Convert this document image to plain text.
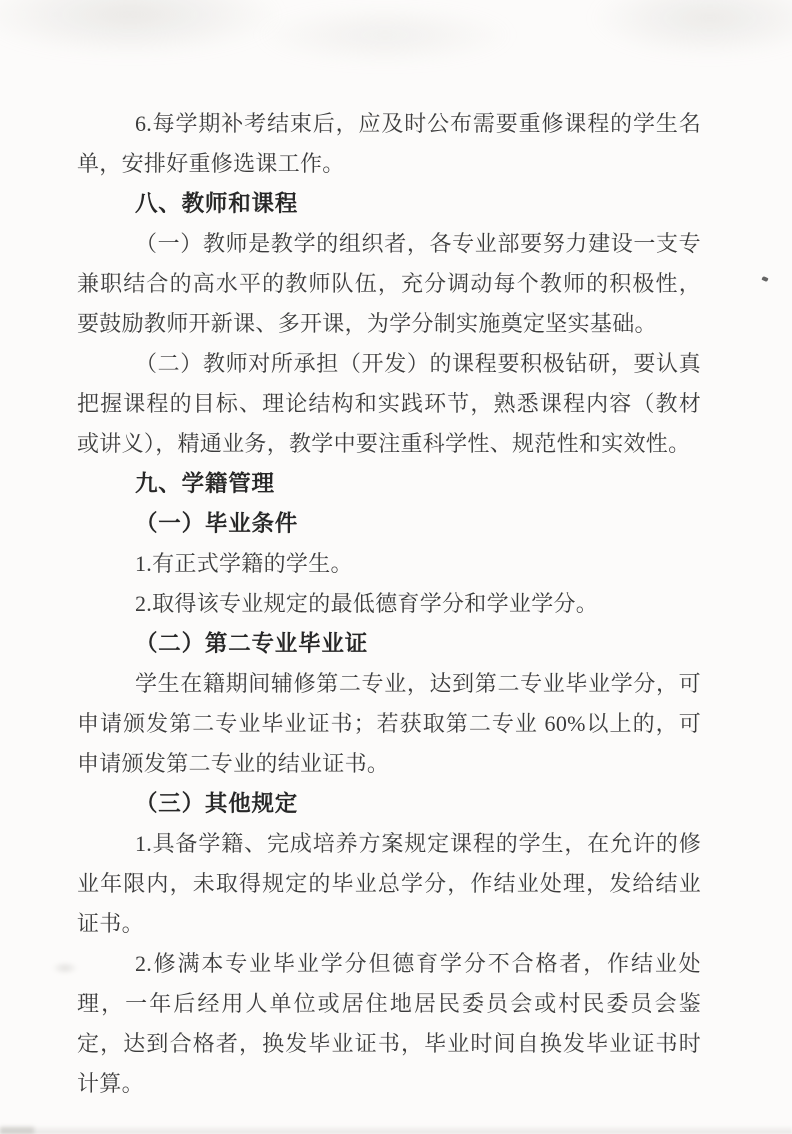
6.每学期补考结束后，应及时公布需要重修课程的学生名单，安排好重修选课工作。

八、教师和课程

（一）教师是教学的组织者，各专业部要努力建设一支专兼职结合的高水平的教师队伍，充分调动每个教师的积极性，要鼓励教师开新课、多开课，为学分制实施奠定坚实基础。

（二）教师对所承担（开发）的课程要积极钻研，要认真把握课程的目标、理论结构和实践环节，熟悉课程内容（教材或讲义），精通业务，教学中要注重科学性、规范性和实效性。

九、学籍管理
（一）毕业条件

1.有正式学籍的学生。

2.取得该专业规定的最低德育学分和学业学分。

（二）第二专业毕业证

学生在籍期间辅修第二专业，达到第二专业毕业学分，可申请颁发第二专业毕业证书；若获取第二专业 60%以上的，可申请颁发第二专业的结业证书。

（三）其他规定

1.具备学籍、完成培养方案规定课程的学生，在允许的修业年限内，未取得规定的毕业总学分，作结业处理，发给结业证书。

2.修满本专业毕业学分但德育学分不合格者，作结业处理，一年后经用人单位或居住地居民委员会或村民委员会鉴定，达到合格者，换发毕业证书，毕业时间自换发毕业证书时计算。
